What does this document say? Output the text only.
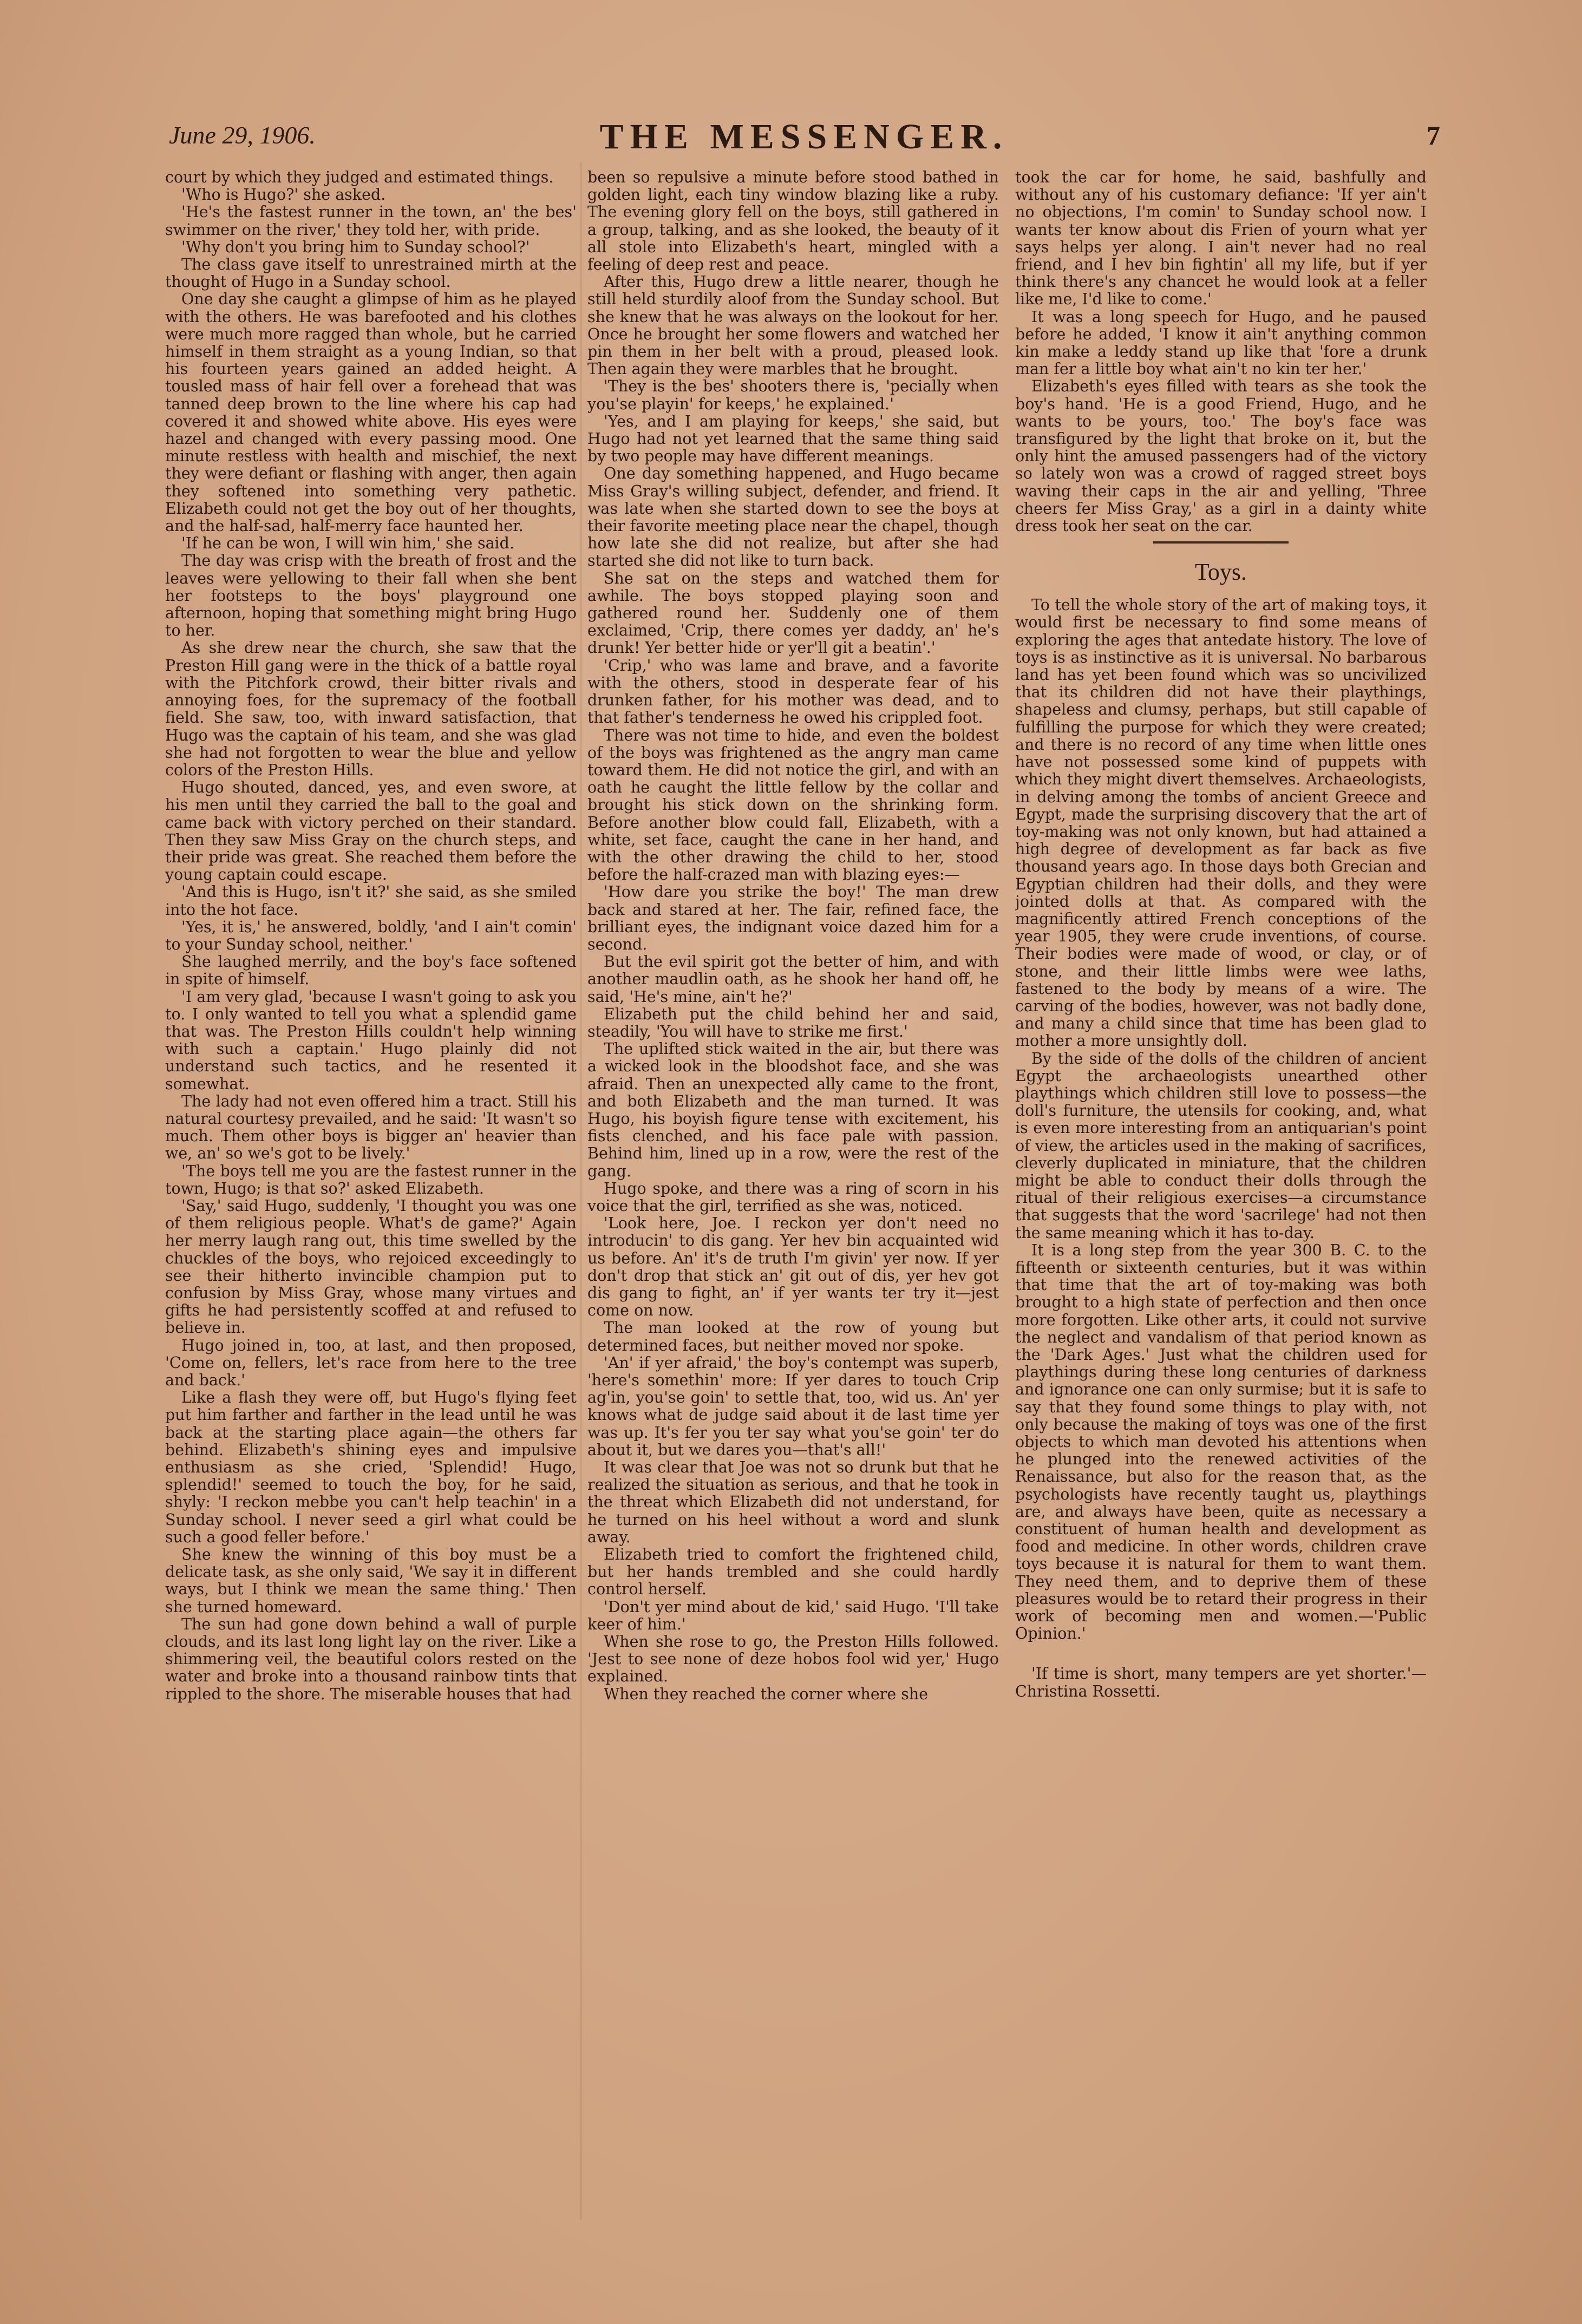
June 29, 1906.	THE MESSENGER.	7

court by which they judged and estimated things.

'Who is Hugo?' she asked.

'He's the fastest runner in the town, an' the bes' swimmer on the river,' they told her, with pride.

'Why don't you bring him to Sunday school?'

The class gave itself to unrestrained mirth at the thought of Hugo in a Sunday school.

One day she caught a glimpse of him as he played with the others. He was barefooted and his clothes were much more ragged than whole, but he carried himself in them straight as a young Indian, so that his fourteen years gained an added height. A tousled mass of hair fell over a forehead that was tanned deep brown to the line where his cap had covered it and showed white above. His eyes were hazel and changed with every passing mood. One minute restless with health and mischief, the next they were defiant or flashing with anger, then again they softened into something very pathetic. Elizabeth could not get the boy out of her thoughts, and the half-sad, half-merry face haunted her.

'If he can be won, I will win him,' she said.

The day was crisp with the breath of frost and the leaves were yellowing to their fall when she bent her footsteps to the boys' playground one afternoon, hoping that something might bring Hugo to her.

As she drew near the church, she saw that the Preston Hill gang were in the thick of a battle royal with the Pitchfork crowd, their bitter rivals and annoying foes, for the supremacy of the football field. She saw, too, with inward satisfaction, that Hugo was the captain of his team, and she was glad she had not forgotten to wear the blue and yellow colors of the Preston Hills.

Hugo shouted, danced, yes, and even swore, at his men until they carried the ball to the goal and came back with victory perched on their standard. Then they saw Miss Gray on the church steps, and their pride was great. She reached them before the young captain could escape.

'And this is Hugo, isn't it?' she said, as she smiled into the hot face.

'Yes, it is,' he answered, boldly, 'and I ain't comin' to your Sunday school, neither.'

She laughed merrily, and the boy's face softened in spite of himself.

'I am very glad, 'because I wasn't going to ask you to. I only wanted to tell you what a splendid game that was. The Preston Hills couldn't help winning with such a captain.' Hugo plainly did not understand such tactics, and he resented it somewhat.

The lady had not even offered him a tract. Still his natural courtesy prevailed, and he said: 'It wasn't so much. Them other boys is bigger an' heavier than we, an' so we's got to be lively.'

'The boys tell me you are the fastest runner in the town, Hugo; is that so?' asked Elizabeth.

'Say,' said Hugo, suddenly, 'I thought you was one of them religious people. What's de game?' Again her merry laugh rang out, this time swelled by the chuckles of the boys, who rejoiced exceedingly to see their hitherto invincible champion put to confusion by Miss Gray, whose many virtues and gifts he had persistently scoffed at and refused to believe in.

Hugo joined in, too, at last, and then proposed, 'Come on, fellers, let's race from here to the tree and back.'

Like a flash they were off, but Hugo's flying feet put him farther and farther in the lead until he was back at the starting place again—the others far behind. Elizabeth's shining eyes and impulsive enthusiasm as she cried, 'Splendid! Hugo, splendid!' seemed to touch the boy, for he said, shyly: 'I reckon mebbe you can't help teachin' in a Sunday school. I never seed a girl what could be such a good feller before.'

She knew the winning of this boy must be a delicate task, as she only said, 'We say it in different ways, but I think we mean the same thing.' Then she turned homeward.

The sun had gone down behind a wall of purple clouds, and its last long light lay on the river. Like a shimmering veil, the beautiful colors rested on the water and broke into a thousand rainbow tints that rippled to the shore. The miserable houses that had

been so repulsive a minute before stood bathed in golden light, each tiny window blazing like a ruby. The evening glory fell on the boys, still gathered in a group, talking, and as she looked, the beauty of it all stole into Elizabeth's heart, mingled with a feeling of deep rest and peace.

After this, Hugo drew a little nearer, though he still held sturdily aloof from the Sunday school. But she knew that he was always on the lookout for her. Once he brought her some flowers and watched her pin them in her belt with a proud, pleased look. Then again they were marbles that he brought.

'They is the bes' shooters there is, 'pecially when you'se playin' for keeps,' he explained.'

'Yes, and I am playing for keeps,' she said, but Hugo had not yet learned that the same thing said by two people may have different meanings.

One day something happened, and Hugo became Miss Gray's willing subject, defender, and friend. It was late when she started down to see the boys at their favorite meeting place near the chapel, though how late she did not realize, but after she had started she did not like to turn back.

She sat on the steps and watched them for awhile. The boys stopped playing soon and gathered round her. Suddenly one of them exclaimed, 'Crip, there comes yer daddy, an' he's drunk! Yer better hide or yer'll git a beatin'.'

'Crip,' who was lame and brave, and a favorite with the others, stood in desperate fear of his drunken father, for his mother was dead, and to that father's tenderness he owed his crippled foot.

There was not time to hide, and even the boldest of the boys was frightened as the angry man came toward them. He did not notice the girl, and with an oath he caught the little fellow by the collar and brought his stick down on the shrinking form. Before another blow could fall, Elizabeth, with a white, set face, caught the cane in her hand, and with the other drawing the child to her, stood before the half-crazed man with blazing eyes:—

'How dare you strike the boy!' The man drew back and stared at her. The fair, refined face, the brilliant eyes, the indignant voice dazed him for a second.

But the evil spirit got the better of him, and with another maudlin oath, as he shook her hand off, he said, 'He's mine, ain't he?'

Elizabeth put the child behind her and said, steadily, 'You will have to strike me first.'

The uplifted stick waited in the air, but there was a wicked look in the bloodshot face, and she was afraid. Then an unexpected ally came to the front, and both Elizabeth and the man turned. It was Hugo, his boyish figure tense with excitement, his fists clenched, and his face pale with passion. Behind him, lined up in a row, were the rest of the gang.

Hugo spoke, and there was a ring of scorn in his voice that the girl, terrified as she was, noticed.

'Look here, Joe. I reckon yer don't need no introducin' to dis gang. Yer hev bin acquainted wid us before. An' it's de truth I'm givin' yer now. If yer don't drop that stick an' git out of dis, yer hev got dis gang to fight, an' if yer wants ter try it—jest come on now.

The man looked at the row of young but determined faces, but neither moved nor spoke.

'An' if yer afraid,' the boy's contempt was superb, 'here's somethin' more: If yer dares to touch Crip ag'in, you'se goin' to settle that, too, wid us. An' yer knows what de judge said about it de last time yer was up. It's fer you ter say what you'se goin' ter do about it, but we dares you—that's all!'

It was clear that Joe was not so drunk but that he realized the situation as serious, and that he took in the threat which Elizabeth did not understand, for he turned on his heel without a word and slunk away.

Elizabeth tried to comfort the frightened child, but her hands trembled and she could hardly control herself.

'Don't yer mind about de kid,' said Hugo. 'I'll take keer of him.'

When she rose to go, the Preston Hills followed. 'Jest to see none of deze hobos fool wid yer,' Hugo explained.

When they reached the corner where she

took the car for home, he said, bashfully and without any of his customary defiance: 'If yer ain't no objections, I'm comin' to Sunday school now. I wants ter know about dis Frien of yourn what yer says helps yer along. I ain't never had no real friend, and I hev bin fightin' all my life, but if yer think there's any chancet he would look at a feller like me, I'd like to come.'

It was a long speech for Hugo, and he paused before he added, 'I know it ain't anything common kin make a leddy stand up like that 'fore a drunk man fer a little boy what ain't no kin ter her.'

Elizabeth's eyes filled with tears as she took the boy's hand. 'He is a good Friend, Hugo, and he wants to be yours, too.' The boy's face was transfigured by the light that broke on it, but the only hint the amused passengers had of the victory so lately won was a crowd of ragged street boys waving their caps in the air and yelling, 'Three cheers fer Miss Gray,' as a girl in a dainty white dress took her seat on the car.

Toys.

To tell the whole story of the art of making toys, it would first be necessary to find some means of exploring the ages that antedate history. The love of toys is as instinctive as it is universal. No barbarous land has yet been found which was so uncivilized that its children did not have their playthings, shapeless and clumsy, perhaps, but still capable of fulfilling the purpose for which they were created; and there is no record of any time when little ones have not possessed some kind of puppets with which they might divert themselves. Archaeologists, in delving among the tombs of ancient Greece and Egypt, made the surprising discovery that the art of toy-making was not only known, but had attained a high degree of development as far back as five thousand years ago. In those days both Grecian and Egyptian children had their dolls, and they were jointed dolls at that. As compared with the magnificently attired French conceptions of the year 1905, they were crude inventions, of course. Their bodies were made of wood, or clay, or of stone, and their little limbs were wee laths, fastened to the body by means of a wire. The carving of the bodies, however, was not badly done, and many a child since that time has been glad to mother a more unsightly doll.

By the side of the dolls of the children of ancient Egypt the archaeologists unearthed other playthings which children still love to possess—the doll's furniture, the utensils for cooking, and, what is even more interesting from an antiquarian's point of view, the articles used in the making of sacrifices, cleverly duplicated in miniature, that the children might be able to conduct their dolls through the ritual of their religious exercises—a circumstance that suggests that the word 'sacrilege' had not then the same meaning which it has to-day.

It is a long step from the year 300 B. C. to the fifteenth or sixteenth centuries, but it was within that time that the art of toy-making was both brought to a high state of perfection and then once more forgotten. Like other arts, it could not survive the neglect and vandalism of that period known as the 'Dark Ages.' Just what the children used for playthings during these long centuries of darkness and ignorance one can only surmise; but it is safe to say that they found some things to play with, not only because the making of toys was one of the first objects to which man devoted his attentions when he plunged into the renewed activities of the Renaissance, but also for the reason that, as the psychologists have recently taught us, playthings are, and always have been, quite as necessary a constituent of human health and development as food and medicine. In other words, children crave toys because it is natural for them to want them. They need them, and to deprive them of these pleasures would be to retard their progress in their work of becoming men and women.—'Public Opinion.'

'If time is short, many tempers are yet shorter.'—Christina Rossetti.
